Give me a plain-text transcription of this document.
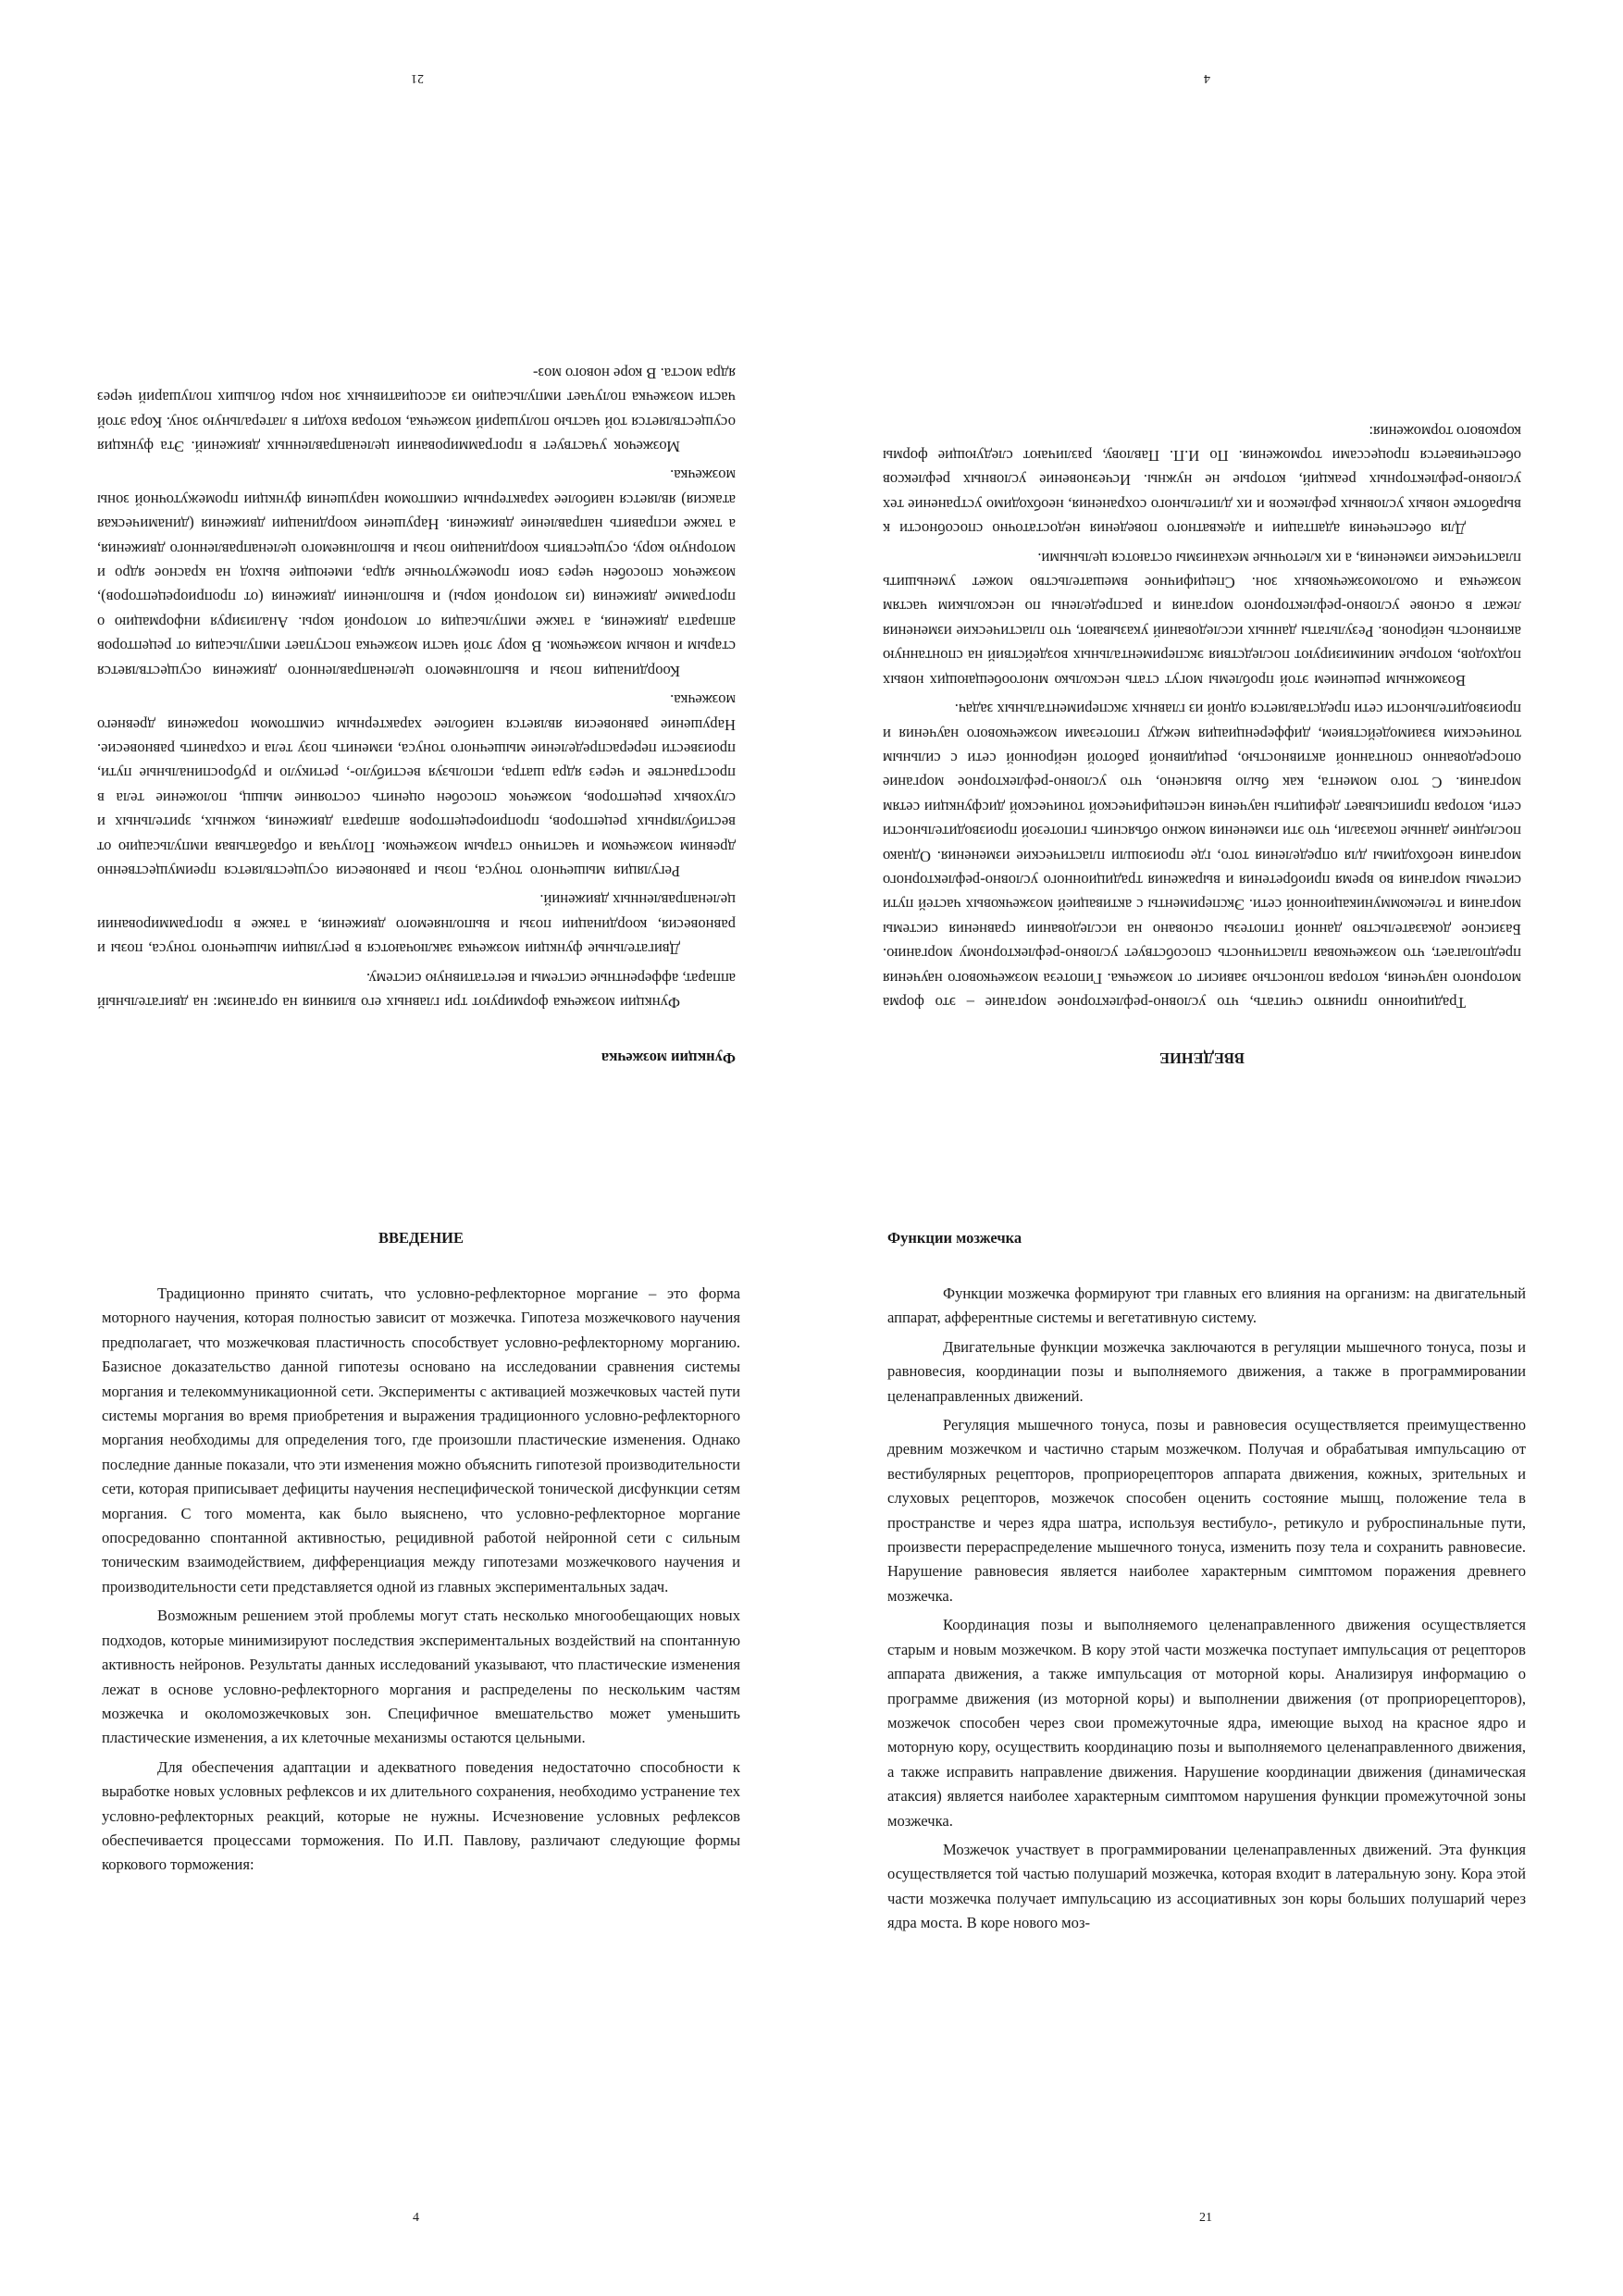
ВВЕДЕНИЕ

Традиционно принято считать, что условно-рефлекторное моргание – это форма моторного научения, которая полностью зависит от мозжечка. Гипотеза мозжечкового научения предполагает, что мозжечковая пластичность способствует условно-рефлекторному морганию. Базисное доказательство данной гипотезы основано на исследовании сравнения системы моргания и телекоммуникационной сети. Эксперименты с активацией мозжечковых частей пути системы моргания во время приобретения и выражения традиционного условно-рефлекторного моргания необходимы для определения того, где произошли пластические изменения. Однако последние данные показали, что эти изменения можно объяснить гипотезой производительности сети, которая приписывает дефициты научения неспецифической тонической дисфункции сетям моргания. С того момента, как было выяснено, что условно-рефлекторное моргание опосредованно спонтанной активностью, рецидивной работой нейронной сети с сильным тоническим взаимодействием, дифференциация между гипотезами мозжечкового научения и производительности сети представляется одной из главных экспериментальных задач.

Возможным решением этой проблемы могут стать несколько многообещающих новых подходов, которые минимизируют последствия экспериментальных воздействий на спонтанную активность нейронов. Результаты данных исследований указывают, что пластические изменения лежат в основе условно-рефлекторного моргания и распределены по нескольким частям мозжечка и околомозжечковых зон. Специфичное вмешательство может уменьшить пластические изменения, а их клеточные механизмы остаются цельными.

Для обеспечения адаптации и адекватного поведения недостаточно способности к выработке новых условных рефлексов и их длительного сохранения, необходимо устранение тех условно-рефлекторных реакций, которые не нужны. Исчезновение условных рефлексов обеспечивается процессами торможения. По И.П. Павлову, различают следующие формы коркового торможения:

4
Функции мозжечка

Функции мозжечка формируют три главных его влияния на организм: на двигательный аппарат, афферентные системы и вегетативную систему.

Двигательные функции мозжечка заключаются в регуляции мышечного тонуса, позы и равновесия, координации позы и выполняемого движения, а также в программировании целенаправленных движений.

Регуляция мышечного тонуса, позы и равновесия осуществляется преимущественно древним мозжечком и частично старым мозжечком. Получая и обрабатывая импульсацию от вестибулярных рецепторов, проприорецепторов аппарата движения, кожных, зрительных и слуховых рецепторов, мозжечок способен оценить состояние мышц, положение тела в пространстве и через ядра шатра, используя вестибуло-, ретикуло и руброспинальные пути, произвести перераспределение мышечного тонуса, изменить позу тела и сохранить равновесие. Нарушение равновесия является наиболее характерным симптомом поражения древнего мозжечка.

Координация позы и выполняемого целенаправленного движения осуществляется старым и новым мозжечком. В кору этой части мозжечка поступает импульсация от рецепторов аппарата движения, а также импульсация от моторной коры. Анализируя информацию о программе движения (из моторной коры) и выполнении движения (от проприорецепторов), мозжечок способен через свои промежуточные ядра, имеющие выход на красное ядро и моторную кору, осуществить координацию позы и выполняемого целенаправленного движения, а также исправить направление движения. Нарушение координации движения (динамическая атаксия) является наиболее характерным симптомом нарушения функции промежуточной зоны мозжечка.

Мозжечок участвует в программировании целенаправленных движений. Эта функция осуществляется той частью полушарий мозжечка, которая входит в латеральную зону. Кора этой части мозжечка получает импульсацию из ассоциативных зон коры больших полушарий через ядра моста. В коре нового моз-

21
ВВЕДЕНИЕ

Традиционно принято считать, что условно-рефлекторное моргание – это форма моторного научения, которая полностью зависит от мозжечка. Гипотеза мозжечкового научения предполагает, что мозжечковая пластичность способствует условно-рефлекторному морганию. Базисное доказательство данной гипотезы основано на исследовании сравнения системы моргания и телекоммуникационной сети. Эксперименты с активацией мозжечковых частей пути системы моргания во время приобретения и выражения традиционного условно-рефлекторного моргания необходимы для определения того, где произошли пластические изменения. Однако последние данные показали, что эти изменения можно объяснить гипотезой производительности сети, которая приписывает дефициты научения неспецифической тонической дисфункции сетям моргания. С того момента, как было выяснено, что условно-рефлекторное моргание опосредованно спонтанной активностью, рецидивной работой нейронной сети с сильным тоническим взаимодействием, дифференциация между гипотезами мозжечкового научения и производительности сети представляется одной из главных экспериментальных задач.

Возможным решением этой проблемы могут стать несколько многообещающих новых подходов, которые минимизируют последствия экспериментальных воздействий на спонтанную активность нейронов. Результаты данных исследований указывают, что пластические изменения лежат в основе условно-рефлекторного моргания и распределены по нескольким частям мозжечка и околомозжечковых зон. Специфичное вмешательство может уменьшить пластические изменения, а их клеточные механизмы остаются цельными.

Для обеспечения адаптации и адекватного поведения недостаточно способности к выработке новых условных рефлексов и их длительного сохранения, необходимо устранение тех условно-рефлекторных реакций, которые не нужны. Исчезновение условных рефлексов обеспечивается процессами торможения. По И.П. Павлову, различают следующие формы коркового торможения:

4
Функции мозжечка

Функции мозжечка формируют три главных его влияния на организм: на двигательный аппарат, афферентные системы и вегетативную систему.

Двигательные функции мозжечка заключаются в регуляции мышечного тонуса, позы и равновесия, координации позы и выполняемого движения, а также в программировании целенаправленных движений.

Регуляция мышечного тонуса, позы и равновесия осуществляется преимущественно древним мозжечком и частично старым мозжечком. Получая и обрабатывая импульсацию от вестибулярных рецепторов, проприорецепторов аппарата движения, кожных, зрительных и слуховых рецепторов, мозжечок способен оценить состояние мышц, положение тела в пространстве и через ядра шатра, используя вестибуло-, ретикуло и руброспинальные пути, произвести перераспределение мышечного тонуса, изменить позу тела и сохранить равновесие. Нарушение равновесия является наиболее характерным симптомом поражения древнего мозжечка.

Координация позы и выполняемого целенаправленного движения осуществляется старым и новым мозжечком. В кору этой части мозжечка поступает импульсация от рецепторов аппарата движения, а также импульсация от моторной коры. Анализируя информацию о программе движения (из моторной коры) и выполнении движения (от проприорецепторов), мозжечок способен через свои промежуточные ядра, имеющие выход на красное ядро и моторную кору, осуществить координацию позы и выполняемого целенаправленного движения, а также исправить направление движения. Нарушение координации движения (динамическая атаксия) является наиболее характерным симптомом нарушения функции промежуточной зоны мозжечка.

Мозжечок участвует в программировании целенаправленных движений. Эта функция осуществляется той частью полушарий мозжечка, которая входит в латеральную зону. Кора этой части мозжечка получает импульсацию из ассоциативных зон коры больших полушарий через ядра моста. В коре нового моз-

21
